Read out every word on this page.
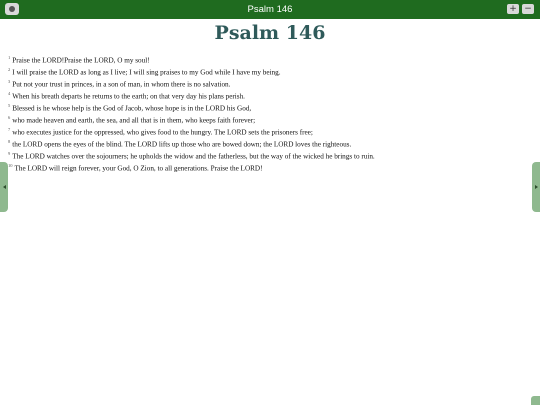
Psalm 146	+ −
Psalm 146
$^1$ Praise the LORD!Praise the LORD, O my soul!
$^2$ I will praise the LORD as long as I live; I will sing praises to my God while I have my being.
$^3$ Put not your trust in princes, in a son of man, in whom there is no salvation.
$^4$ When his breath departs he returns to the earth; on that very day his plans perish.
$^5$ Blessed is he whose help is the God of Jacob, whose hope is in the LORD his God,
$^6$ who made heaven and earth, the sea, and all that is in them, who keeps faith forever;
$^7$ who executes justice for the oppressed, who gives food to the hungry. The LORD sets the prisoners free;
$^8$ the LORD opens the eyes of the blind. The LORD lifts up those who are bowed down; the LORD loves the righteous.
$^9$ The LORD watches over the sojourners; he upholds the widow and the fatherless, but the way of the wicked he brings to ruin.
$^{10}$ The LORD will reign forever, your God, O Zion, to all generations. Praise the LORD!
